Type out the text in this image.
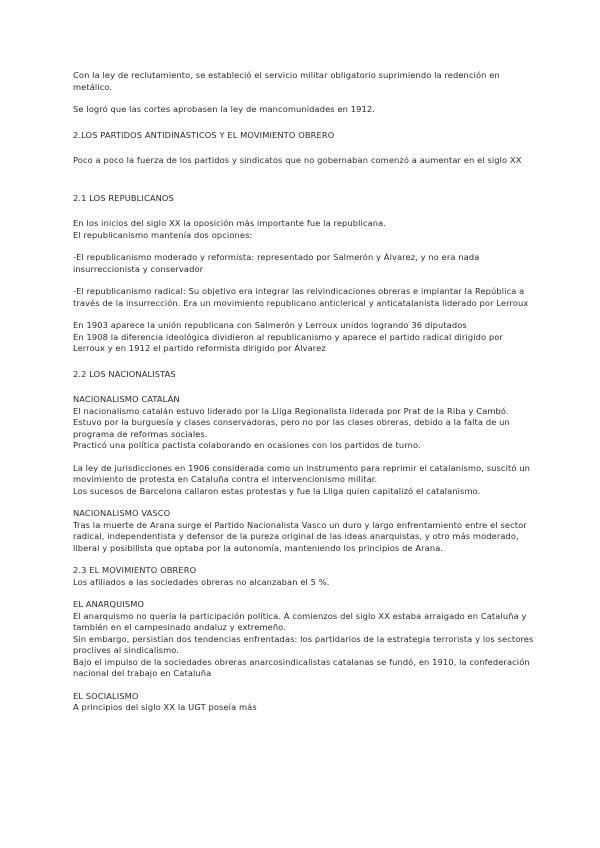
Con la ley de reclutamiento, se estableció el servicio militar obligatorio suprimiendo la redención en metálico.

Se logró que las cortes aprobasen la ley de mancomunidades en 1912.

2.LOS PARTIDOS ANTIDINÁSTICOS Y EL MOVIMIENTO OBRERO

Poco a poco la fuerza de los partidos y sindicatos que no gobernaban comenzó a aumentar en el siglo XX

2.1 LOS REPUBLICANOS

En los inicios del siglo XX la oposición más importante fue la republicana.

El republicanismo mantenía dos opciones:

-El republicanismo moderado y reformista: representado por Salmerón y Álvarez, y no era nada insurreccionista y conservador

-El republicanismo radical: Su objetivo era integrar las reivindicaciones obreras e implantar la República a través de la insurrección. Era un movimiento republicano anticlerical y anticatalanista liderado por Lerroux

En 1903 aparece la unión republicana con Salmerón y Lerroux unidos logrando 36 diputados

En 1908 la diferencia ideológica dividieron al republicanismo y aparece el partido radical dirigido por Lerroux y en 1912 el partido reformista dirigido por Álvarez

2.2 LOS NACIONALISTAS

NACIONALISMO CATALÁN

El nacionalismo catalán estuvo liderado por la Lliga Regionalista liderada por Prat de la Riba y Cambó.

Estuvo por la burguesía y clases conservadoras, pero no por las clases obreras, debido a la falta de un programa de reformas sociales.

Practicó una política pactista colaborando en ocasiones con los partidos de turno.

La ley de jurisdicciones en 1906 considerada como un instrumento para reprimir el catalanismo, suscitó un movimiento de protesta en Cataluña contra el intervencionismo militar.

Los sucesos de Barcelona callaron estas protestas y fue la Lliga quien capitalizó el catalanismo.

NACIONALISMO VASCO

Tras la muerte de Arana surge el Partido Nacionalista Vasco un duro y largo enfrentamiento entre el sector radical, independentista y defensor de la pureza original de las ideas anarquistas, y otro más moderado, liberal y posibilista que optaba por la autonomía, manteniendo los principios de Arana.

2.3 EL MOVIMIENTO OBRERO

Los afiliados a las sociedades obreras no alcanzaban el 5 %.

EL ANARQUISMO

El anarquismo no quería la participación política. A comienzos del siglo XX estaba arraigado en Cataluña y también en el campesinado andaluz y extremeño.

Sin embargo, persistían dos tendencias enfrentadas: los partidarios de la estrategia terrorista y los sectores proclives al sindicalismo.

Bajo el impulso de la sociedades obreras anarcosindicalistas catalanas se fundó, en 1910, la confederación nacional del trabajo en Cataluña

EL SOCIALISMO

A principios del siglo XX la UGT poseía más
